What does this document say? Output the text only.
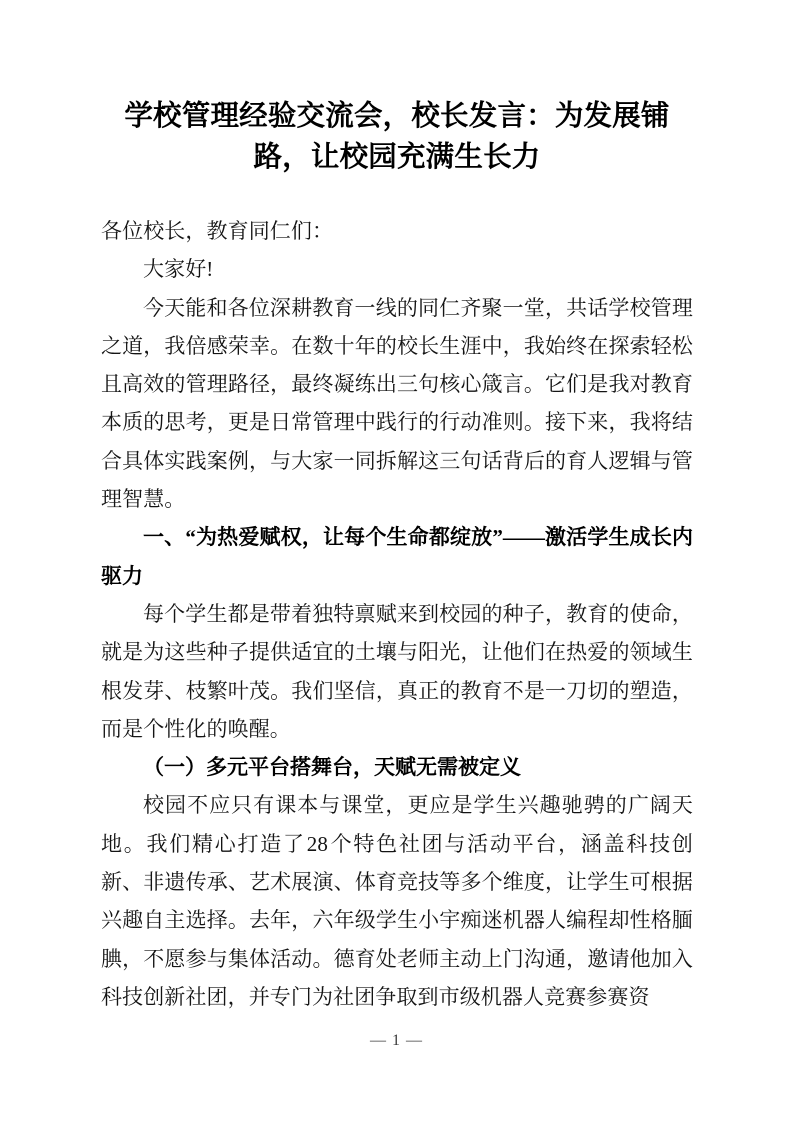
学校管理经验交流会，校长发言：为发展铺路，让校园充满生长力

各位校长，教育同仁们：

大家好!

今天能和各位深耕教育一线的同仁齐聚一堂，共话学校管理之道，我倍感荣幸。在数十年的校长生涯中，我始终在探索轻松且高效的管理路径，最终凝练出三句核心箴言。它们是我对教育本质的思考，更是日常管理中践行的行动准则。接下来，我将结合具体实践案例，与大家一同拆解这三句话背后的育人逻辑与管理智慧。

一、“为热爱赋权，让每个生命都绽放”——激活学生成长内驱力

每个学生都是带着独特禀赋来到校园的种子，教育的使命，就是为这些种子提供适宜的土壤与阳光，让他们在热爱的领域生根发芽、枝繁叶茂。我们坚信，真正的教育不是一刀切的塑造，而是个性化的唤醒。

（一）多元平台搭舞台，天赋无需被定义

校园不应只有课本与课堂，更应是学生兴趣驰骋的广阔天地。我们精心打造了28个特色社团与活动平台，涵盖科技创新、非遗传承、艺术展演、体育竞技等多个维度，让学生可根据兴趣自主选择。去年，六年级学生小宇痴迷机器人编程却性格腼腆，不愿参与集体活动。德育处老师主动上门沟通，邀请他加入科技创新社团，并专门为社团争取到市级机器人竞赛参赛资

— 1 —
